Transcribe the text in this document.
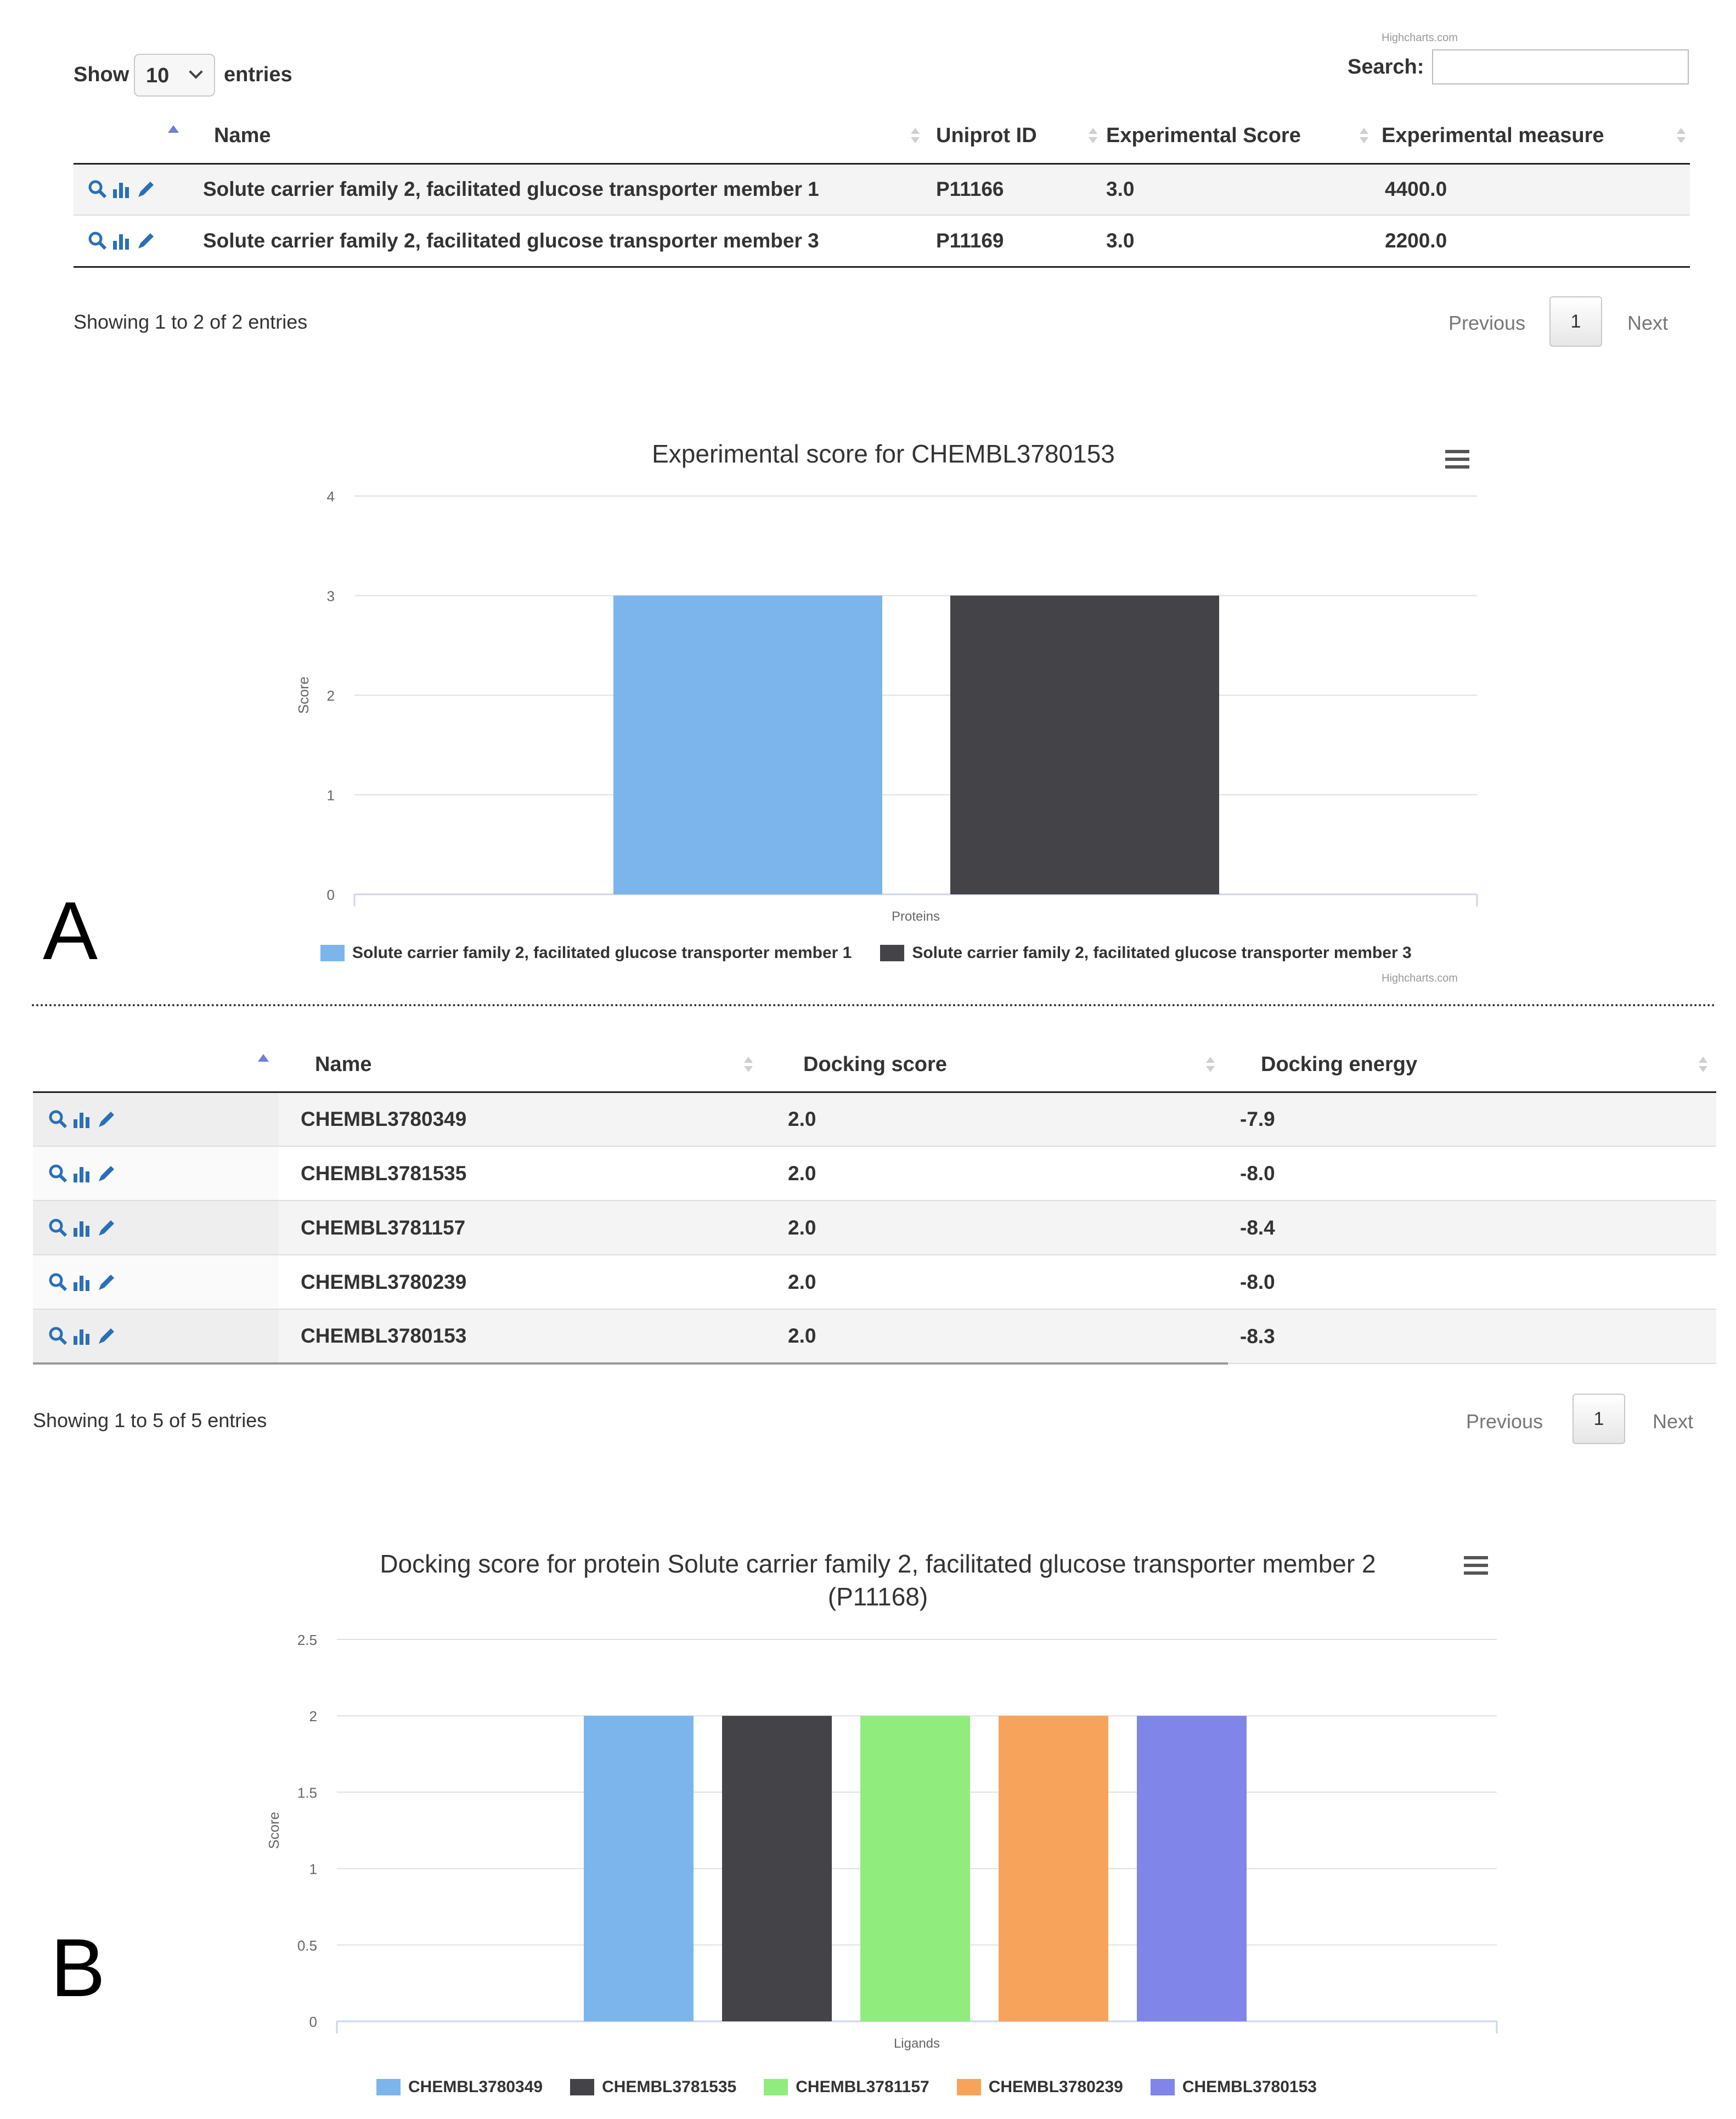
Highcharts.com
Show 10	entries	Search:
	Name	Uniprot ID	Experimental Score	Experimental measure

	Solute carrier family 2, facilitated glucose transporter member 1	P11166	3.0	4400.0

	Solute carrier family 2, facilitated glucose transporter member 3	P11169	3.0	2200.0
Showing 1 to 2 of 2 entries	Previous	1	Next
Experimental score for CHEMBL3780153
0
1
2
3
4
Proteins
Score
A	Solute carrier family 2, facilitated glucose transporter member 1	Solute carrier family 2, facilitated glucose transporter member 3
Highcharts.com
	Name	Docking score	Docking energy

	CHEMBL3780349	2.0	-7.9

	CHEMBL3781535	2.0	-8.0

	CHEMBL3781157	2.0	-8.4

	CHEMBL3780239	2.0	-8.0

	CHEMBL3780153	2.0	-8.3
Showing 1 to 5 of 5 entries	Previous	1	Next
Docking score for protein Solute carrier family 2, facilitated glucose transporter member 2
(P11168)
0
0.5
1
1.5
2
2.5
Ligands
Score
B
CHEMBL3780349	CHEMBL3781535	CHEMBL3781157	CHEMBL3780239	CHEMBL3780153
